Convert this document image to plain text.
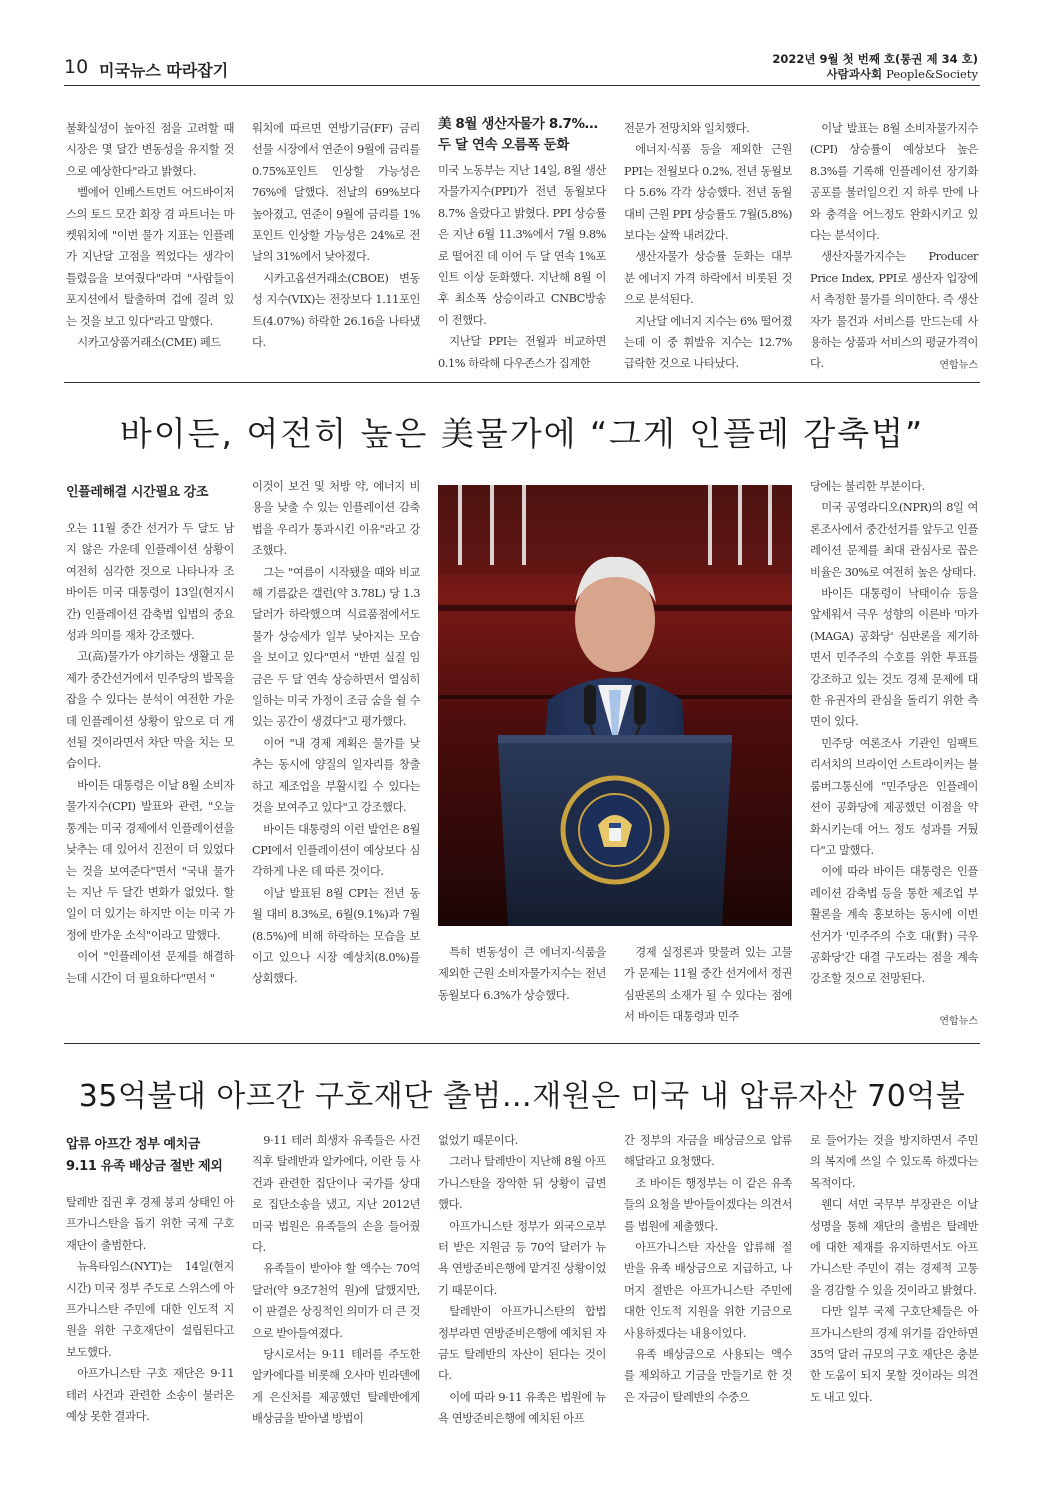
10 미국뉴스 따라잡기
2022년 9월 첫 번째 호(통권 제 34 호)
사람과사회 People&Society

불확실성이 높아진 점을 고려할 때 시장은 몇 달간 변동성을 유지할 것으로 예상한다"라고 밝혔다.

벨에어 인베스트먼트 어드바이저스의 토드 모간 회장 겸 파트너는 마켓워치에 "이번 물가 지표는 인플레가 지난달 고점을 찍었다는 생각이 틀렸음을 보여줬다"라며 "사람들이 포지션에서 탈출하며 겁에 질려 있는 것을 보고 있다"라고 말했다.

시카고상품거래소(CME) 페드

워치에 따르면 연방기금(FF) 금리 선물 시장에서 연준이 9월에 금리를 0.75%포인트 인상할 가능성은 76%에 달했다. 전날의 69%보다 높아졌고, 연준이 9월에 금리를 1%포인트 인상할 가능성은 24%로 전날의 31%에서 낮아졌다.

시카고옵션거래소(CBOE) 변동성 지수(VIX)는 전장보다 1.11포인트(4.07%) 하락한 26.16을 나타냈다.

美 8월 생산자물가 8.7%…
두 달 연속 오름폭 둔화

미국 노동부는 지난 14일, 8월 생산자물가지수(PPI)가 전년 동월보다 8.7% 올랐다고 밝혔다. PPI 상승률은 지난 6월 11.3%에서 7월 9.8%로 떨어진 데 이어 두 달 연속 1%포인트 이상 둔화했다. 지난해 8월 이후 최소폭 상승이라고 CNBC방송이 전했다.

지난달 PPI는 전월과 비교하면 0.1% 하락해 다우존스가 집계한

전문가 전망치와 일치했다.

에너지·식품 등을 제외한 근원 PPI는 전월보다 0.2%, 전년 동월보다 5.6% 각각 상승했다. 전년 동월 대비 근원 PPI 상승률도 7월(5.8%)보다는 살짝 내려갔다.

생산자물가 상승률 둔화는 대부분 에너지 가격 하락에서 비롯된 것으로 분석된다.

지난달 에너지 지수는 6% 떨어졌는데 이 중 휘발유 지수는 12.7% 급락한 것으로 나타났다.

이날 발표는 8월 소비자물가지수(CPI) 상승률이 예상보다 높은 8.3%를 기록해 인플레이션 장기화 공포를 불러일으킨 지 하루 만에 나와 충격을 어느정도 완화시키고 있다는 분석이다.

생산자물가지수는 Producer Price Index, PPI로 생산자 입장에서 측정한 물가를 의미한다. 즉 생산자가 물건과 서비스를 만드는데 사용하는 상품과 서비스의 평균가격이다.	연합뉴스
바이든, 여전히 높은 美물가에 “그게 인플레 감축법”

인플레해결 시간필요 강조

오는 11월 중간 선거가 두 달도 남지 않은 가운데 인플레이션 상황이 여전히 심각한 것으로 나타나자 조 바이든 미국 대통령이 13일(현지시간) 인플레이션 감축법 입법의 중요성과 의미를 재차 강조했다.

고(高)물가가 야기하는 생활고 문제가 중간선거에서 민주당의 발목을 잡을 수 있다는 분석이 여전한 가운데 인플레이션 상황이 앞으로 더 개선될 것이라면서 차단 막을 치는 모습이다.

바이든 대통령은 이날 8월 소비자물가지수(CPI) 발표와 관련, "오늘 통계는 미국 경제에서 인플레이션을 낮추는 데 있어서 진전이 더 있었다는 것을 보여준다"면서 "국내 물가는 지난 두 달간 변화가 없었다. 할 일이 더 있기는 하지만 이는 미국 가정에 반가운 소식"이라고 말했다.

이어 "인플레이션 문제를 해결하는데 시간이 더 필요하다"면서 "

이것이 보건 및 처방 약, 에너지 비용을 낮출 수 있는 인플레이션 감축법을 우리가 통과시킨 이유"라고 강조했다.

그는 "여름이 시작됐을 때와 비교해 기름값은 갤런(약 3.78L) 당 1.3달러가 하락했으며 식료품점에서도 물가 상승세가 일부 낮아지는 모습을 보이고 있다"면서 "반면 실질 임금은 두 달 연속 상승하면서 열심히 일하는 미국 가정이 조금 숨을 쉴 수 있는 공간이 생겼다"고 평가했다.

이어 "내 경제 계획은 물가를 낮추는 동시에 양질의 일자리를 창출하고 제조업을 부활시킬 수 있다는 것을 보여주고 있다"고 강조했다.

바이든 대통령의 이런 발언은 8월 CPI에서 인플레이션이 예상보다 심각하게 나온 데 따른 것이다.

이날 발표된 8월 CPI는 전년 동월 대비 8.3%로, 6월(9.1%)과 7월(8.5%)에 비해 하락하는 모습을 보이고 있으나 시장 예상치(8.0%)를 상회했다.

특히 변동성이 큰 에너지·식품을 제외한 근원 소비자물가지수는 전년 동월보다 6.3%가 상승했다.

경제 실정론과 맞물려 있는 고물가 문제는 11월 중간 선거에서 정권심판론의 소재가 될 수 있다는 점에서 바이든 대통령과 민주

당에는 불리한 부분이다.

미국 공영라디오(NPR)의 8일 여론조사에서 중간선거를 앞두고 인플레이션 문제를 최대 관심사로 꼽은 비율은 30%로 여전히 높은 상태다.

바이든 대통령이 낙태이슈 등을 앞세워서 극우 성향의 이른바 '마가(MAGA) 공화당' 심판론을 제기하면서 민주주의 수호를 위한 투표를 강조하고 있는 것도 경제 문제에 대한 유권자의 관심을 돌리기 위한 측면이 있다.

민주당 여론조사 기관인 임팩트 리서치의 브라이언 스트라이커는 블룸버그통신에 "민주당은 인플레이션이 공화당에 제공했던 이점을 약화시키는데 어느 정도 성과를 거뒀다"고 말했다.

이에 따라 바이든 대통령은 인플레이션 감축법 등을 통한 제조업 부활론을 계속 홍보하는 동시에 이번 선거가 '민주주의 수호 대(對) 극우 공화당'간 대결 구도라는 점을 계속 강조할 것으로 전망된다.

연합뉴스
35억불대 아프간 구호재단 출범…재원은 미국 내 압류자산 70억불

압류 아프간 정부 예치금
9.11 유족 배상금 절반 제외

탈레반 집권 후 경제 붕괴 상태인 아프가니스탄을 돕기 위한 국제 구호재단이 출범한다.

뉴욕타임스(NYT)는 14일(현지 시간) 미국 정부 주도로 스위스에 아프가니스탄 주민에 대한 인도적 지원을 위한 구호재단이 설립된다고 보도했다.

아프가니스탄 구호 재단은 9·11 테러 사건과 관련한 소송이 불러온 예상 못한 결과다.

9·11 테러 희생자 유족들은 사건 직후 탈레반과 알카에다, 이란 등 사건과 관련한 집단이나 국가를 상대로 집단소송을 냈고, 지난 2012년 미국 법원은 유족들의 손을 들어줬다.

유족들이 받아야 할 액수는 70억 달러(약 9조7천억 원)에 달했지만, 이 판결은 상징적인 의미가 더 큰 것으로 받아들여졌다.

당시로서는 9·11 테러를 주도한 알카에다를 비롯해 오사마 빈라덴에게 은신처를 제공했던 탈레반에게 배상금을 받아낼 방법이

없었기 때문이다.

그러나 탈레반이 지난해 8월 아프가니스탄을 장악한 뒤 상황이 급변했다.

아프가니스탄 정부가 외국으로부터 받은 지원금 등 70억 달러가 뉴욕 연방준비은행에 맡겨진 상황이었기 때문이다.

탈레반이 아프가니스탄의 합법 정부라면 연방준비은행에 예치된 자금도 탈레반의 자산이 된다는 것이다.

이에 따라 9·11 유족은 법원에 뉴욕 연방준비은행에 예치된 아프

간 정부의 자금을 배상금으로 압류해달라고 요청했다.

조 바이든 행정부는 이 같은 유족들의 요청을 받아들이겠다는 의견서를 법원에 제출했다.

아프가니스탄 자산을 압류해 절반을 유족 배상금으로 지급하고, 나머지 절반은 아프가니스탄 주민에 대한 인도적 지원을 위한 기금으로 사용하겠다는 내용이었다.

유족 배상금으로 사용되는 액수를 제외하고 기금을 만들기로 한 것은 자금이 탈레반의 수중으

로 들어가는 것을 방지하면서 주민의 복지에 쓰일 수 있도록 하겠다는 목적이다.

웬디 셔먼 국무부 부장관은 이날 성명을 통해 재단의 출범은 탈레반에 대한 제재를 유지하면서도 아프가니스탄 주민이 겪는 경제적 고통을 경감할 수 있을 것이라고 밝혔다.

다만 일부 국제 구호단체들은 아프가니스탄의 경제 위기를 감안하면 35억 달러 규모의 구호 재단은 충분한 도움이 되지 못할 것이라는 의견도 내고 있다.
